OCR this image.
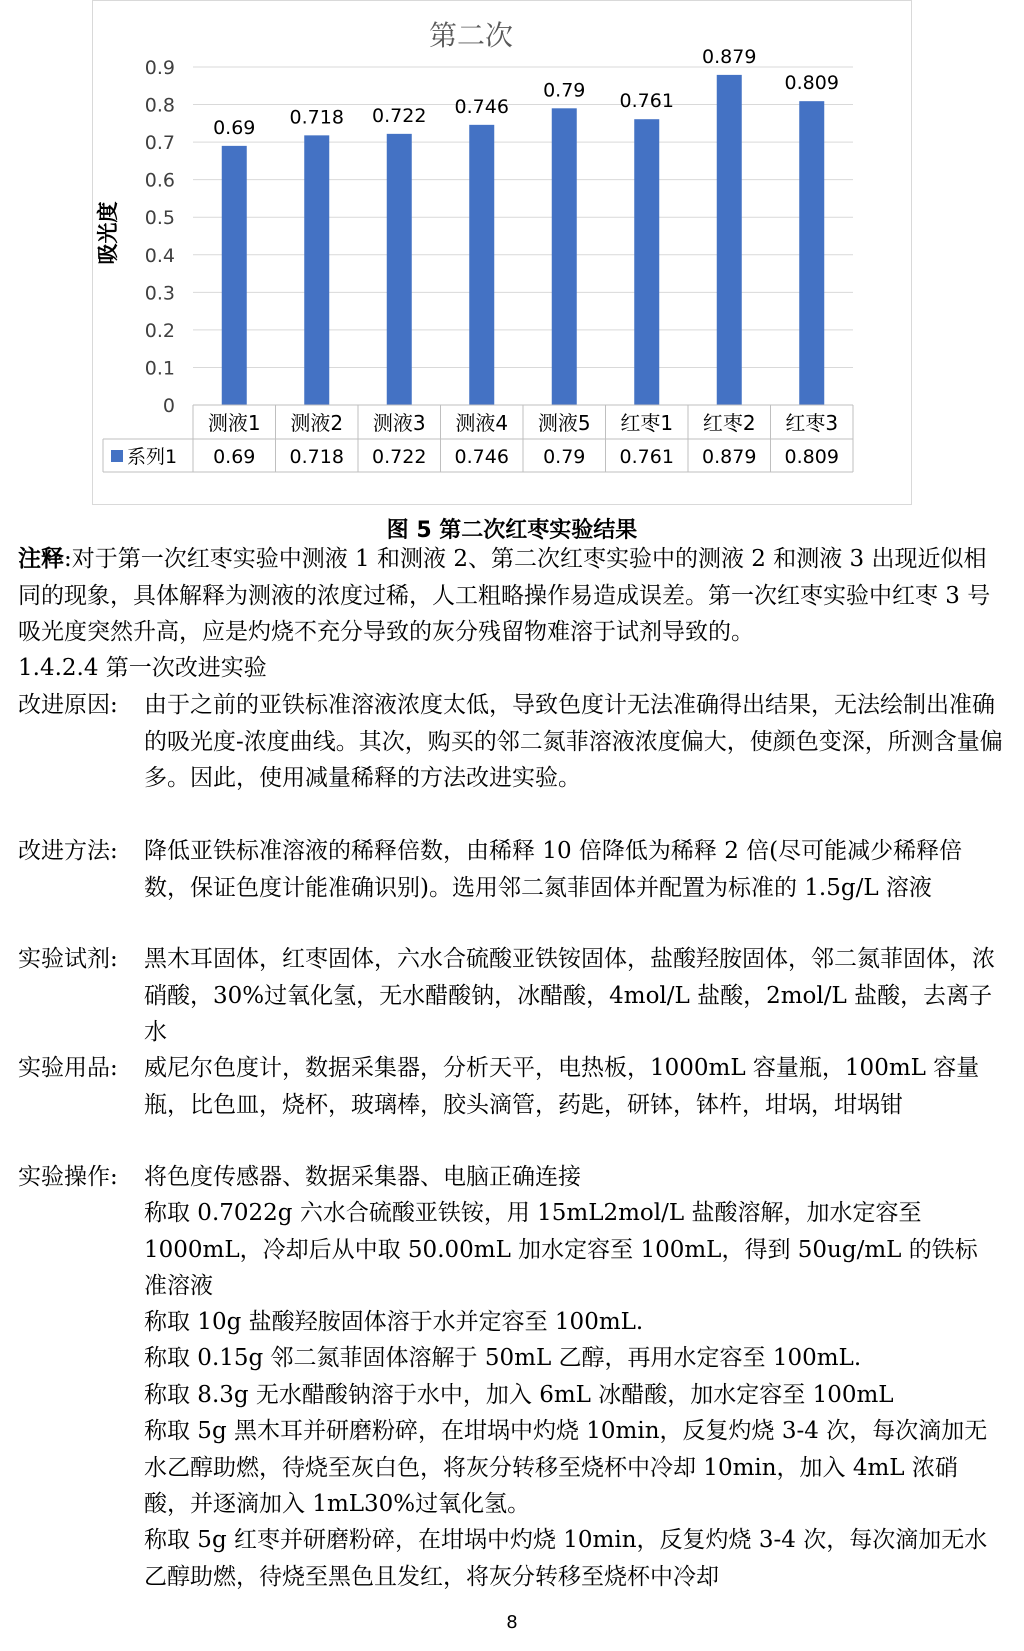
0
0.1
0.2
0.3
0.4
0.5
0.6
0.7
0.8
0.9
0.69 0.718 0.722 0.746
0.79 0.761
0.879
0.809
测液1
0.69
测液2
0.718
测液3
0.722
测液4
0.746
测液5
0.79
红枣1
0.761
红枣2
0.879
红枣3
0.809
系列1
第二次
吸光度
图 5 第二次红枣实验结果
注释:对于第一次红枣实验中测液 1 和测液 2、第二次红枣实验中的测液 2 和测液 3 出现近似相同的现象，具体解释为测液的浓度过稀，人工粗略操作易造成误差。第一次红枣实验中红枣 3 号吸光度突然升高，应是灼烧不充分导致的灰分残留物难溶于试剂导致的。
1.4.2.4 第一次改进实验
改进原因: 由于之前的亚铁标准溶液浓度太低，导致色度计无法准确得出结果，无法绘制出准确的吸光度-浓度曲线。其次，购买的邻二氮菲溶液浓度偏大，使颜色变深，所测含量偏多。因此，使用减量稀释的方法改进实验。
改进方法: 降低亚铁标准溶液的稀释倍数，由稀释 10 倍降低为稀释 2 倍(尽可能减少稀释倍数，保证色度计能准确识别)。选用邻二氮菲固体并配置为标准的 1.5g/L 溶液
实验试剂: 黑木耳固体，红枣固体，六水合硫酸亚铁铵固体，盐酸羟胺固体，邻二氮菲固体，浓硝酸，30%过氧化氢，无水醋酸钠，冰醋酸，4mol/L 盐酸，2mol/L 盐酸，去离子水
实验用品: 威尼尔色度计，数据采集器，分析天平，电热板，1000mL 容量瓶，100mL 容量瓶，比色皿，烧杯，玻璃棒，胶头滴管，药匙，研钵，钵杵，坩埚，坩埚钳
实验操作: 将色度传感器、数据采集器、电脑正确连接
称取 0.7022g 六水合硫酸亚铁铵，用 15mL2mol/L 盐酸溶解，加水定容至 1000mL，冷却后从中取 50.00mL 加水定容至 100mL，得到 50ug/mL 的铁标准溶液
称取 10g 盐酸羟胺固体溶于水并定容至 100mL.
称取 0.15g 邻二氮菲固体溶解于 50mL 乙醇，再用水定容至 100mL.
称取 8.3g 无水醋酸钠溶于水中，加入 6mL 冰醋酸，加水定容至 100mL
称取 5g 黑木耳并研磨粉碎，在坩埚中灼烧 10min，反复灼烧 3-4 次，每次滴加无水乙醇助燃，待烧至灰白色，将灰分转移至烧杯中冷却 10min，加入 4mL 浓硝酸，并逐滴加入 1mL30%过氧化氢。
称取 5g 红枣并研磨粉碎，在坩埚中灼烧 10min，反复灼烧 3-4 次，每次滴加无水乙醇助燃，待烧至黑色且发红，将灰分转移至烧杯中冷却
8
